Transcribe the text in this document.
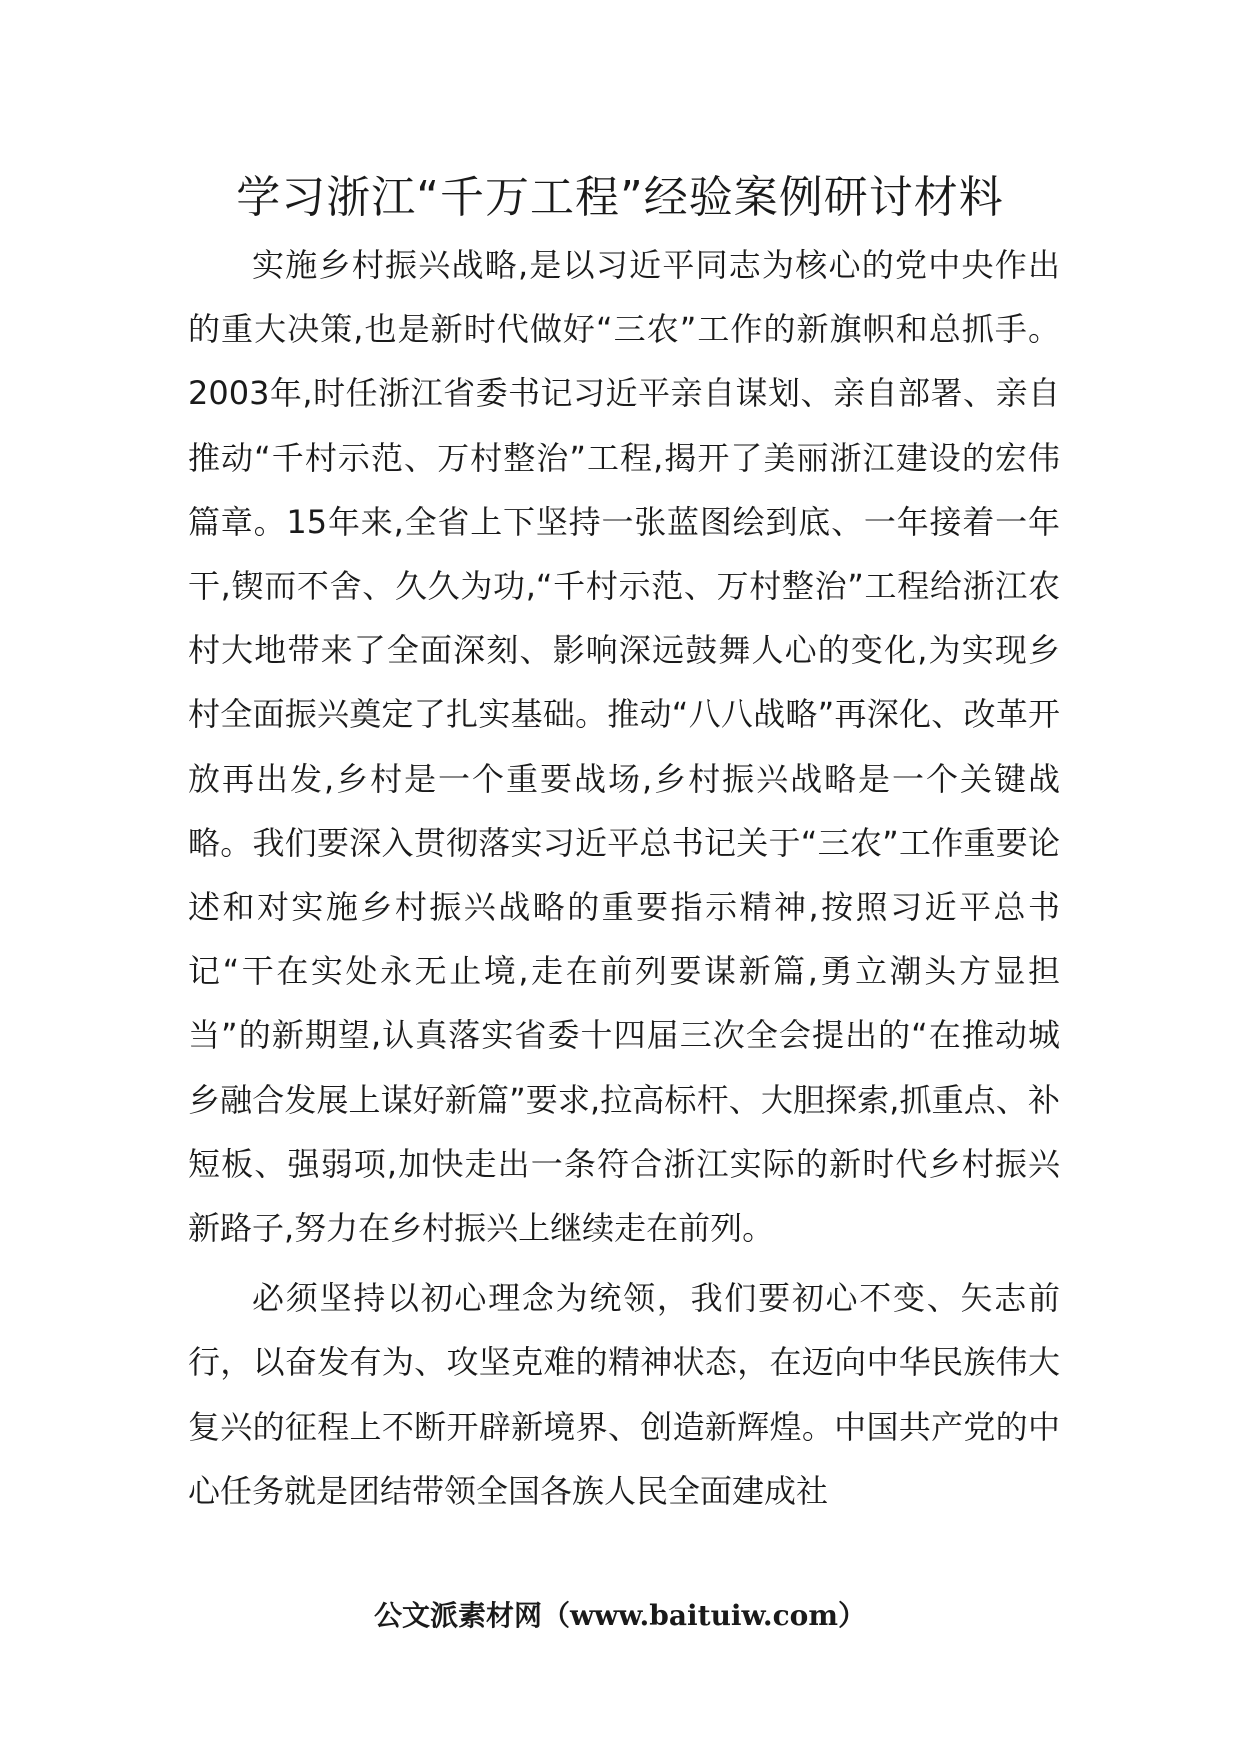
学习浙江“千万工程”经验案例研讨材料

实施乡村振兴战略,是以习近平同志为核心的党中央作出的重大决策,也是新时代做好“三农”工作的新旗帜和总抓手。2003年,时任浙江省委书记习近平亲自谋划、亲自部署、亲自推动“千村示范、万村整治”工程,揭开了美丽浙江建设的宏伟篇章。15年来,全省上下坚持一张蓝图绘到底、一年接着一年干,锲而不舍、久久为功,“千村示范、万村整治”工程给浙江农村大地带来了全面深刻、影响深远鼓舞人心的变化,为实现乡村全面振兴奠定了扎实基础。推动“八八战略”再深化、改革开放再出发,乡村是一个重要战场,乡村振兴战略是一个关键战略。我们要深入贯彻落实习近平总书记关于“三农”工作重要论述和对实施乡村振兴战略的重要指示精神,按照习近平总书记“干在实处永无止境,走在前列要谋新篇,勇立潮头方显担当”的新期望,认真落实省委十四届三次全会提出的“在推动城乡融合发展上谋好新篇”要求,拉高标杆、大胆探索,抓重点、补短板、强弱项,加快走出一条符合浙江实际的新时代乡村振兴新路子,努力在乡村振兴上继续走在前列。

必须坚持以初心理念为统领，我们要初心不变、矢志前行，以奋发有为、攻坚克难的精神状态，在迈向中华民族伟大复兴的征程上不断开辟新境界、创造新辉煌。中国共产党的中心任务就是团结带领全国各族人民全面建成社

公文派素材网（www.baituiw.com）
